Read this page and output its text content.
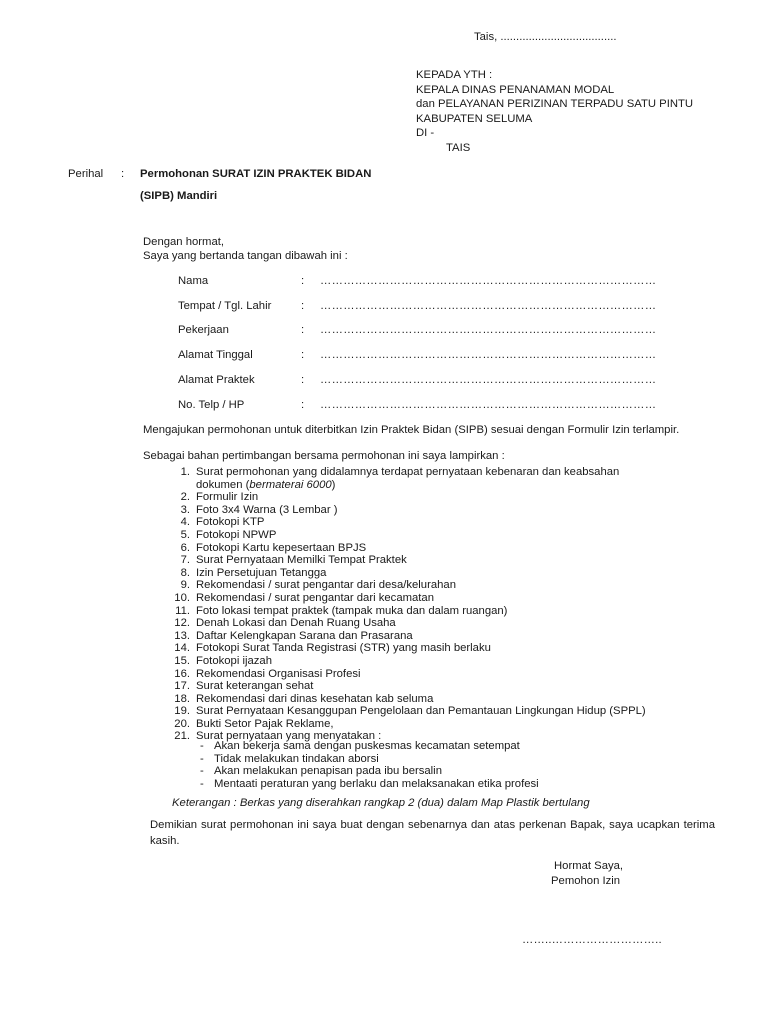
Tais, .....................................
KEPADA YTH :
KEPALA DINAS PENANAMAN MODAL
dan PELAYANAN PERIZINAN TERPADU SATU PINTU
KABUPATEN SELUMA
DI -
TAIS
Perihal : Permohonan SURAT IZIN PRAKTEK BIDAN
(SIPB) Mandiri
Dengan hormat,
Saya yang bertanda tangan dibawah ini :
Nama	: ……………………………………………………………………………
Tempat / Tgl. Lahir	: ……………………………………………………………………………
Pekerjaan	: ……………………………………………………………………………
Alamat Tinggal	: ……………………………………………………………………………
Alamat Praktek	: ……………………………………………………………………………
No. Telp / HP	: ……………………………………………………………………………
Mengajukan permohonan untuk diterbitkan Izin Praktek Bidan (SIPB) sesuai dengan Formulir Izin terlampir.
Sebagai bahan pertimbangan bersama permohonan ini saya lampirkan :
1. Surat permohonan yang didalamnya terdapat pernyataan kebenaran dan keabsahan dokumen (bermaterai 6000)
2. Formulir Izin
3. Foto 3x4 Warna (3 Lembar )
4. Fotokopi KTP
5. Fotokopi NPWP
6. Fotokopi Kartu kepesertaan BPJS
7. Surat Pernyataan Memilki Tempat Praktek
8. Izin Persetujuan Tetangga
9. Rekomendasi / surat pengantar dari desa/kelurahan
10. Rekomendasi / surat pengantar dari kecamatan
11. Foto lokasi tempat praktek (tampak muka dan dalam ruangan)
12. Denah Lokasi dan Denah Ruang Usaha
13. Daftar Kelengkapan Sarana dan Prasarana
14. Fotokopi Surat Tanda Registrasi (STR) yang masih berlaku
15. Fotokopi ijazah
16. Rekomendasi Organisasi Profesi
17. Surat keterangan sehat
18. Rekomendasi dari dinas kesehatan kab seluma
19. Surat Pernyataan Kesanggupan Pengelolaan dan Pemantauan Lingkungan Hidup (SPPL)
20. Bukti Setor Pajak Reklame,
21. Surat pernyataan yang menyatakan :
- Akan bekerja sama dengan puskesmas kecamatan setempat
- Tidak melakukan tindakan aborsi
- Akan melakukan penapisan pada ibu bersalin
- Mentaati peraturan yang berlaku dan melaksanakan etika profesi
Keterangan : Berkas yang diserahkan rangkap 2 (dua) dalam Map Plastik bertulang
Demikian surat permohonan ini saya buat dengan sebenarnya dan atas perkenan Bapak, saya ucapkan terima kasih.
Hormat Saya,
Pemohon Izin
……..………………………..
